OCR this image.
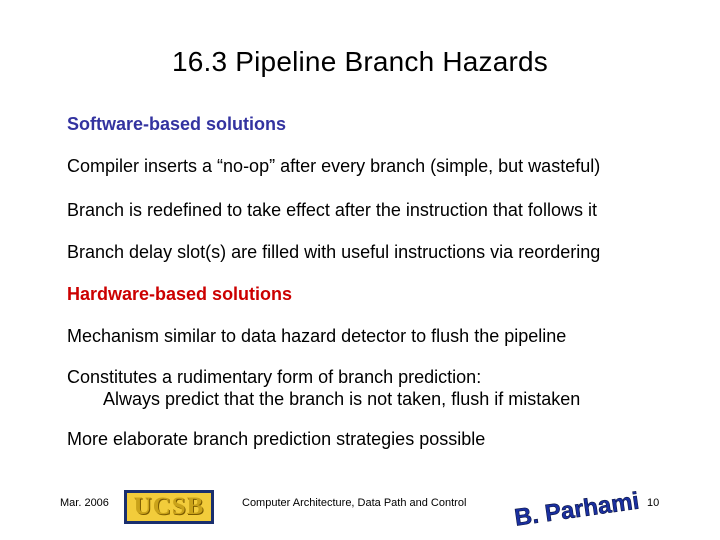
16.3 Pipeline Branch Hazards
Software-based solutions
Compiler inserts a “no-op” after every branch (simple, but wasteful)
Branch is redefined to take effect after the instruction that follows it
Branch delay slot(s) are filled with useful instructions via reordering
Hardware-based solutions
Mechanism similar to data hazard detector to flush the pipeline
Constitutes a rudimentary form of branch prediction:
Always predict that the branch is not taken, flush if mistaken
More elaborate branch prediction strategies possible
Mar. 2006 UCSB	Computer Architecture, Data Path and Control B. Parhami 10
